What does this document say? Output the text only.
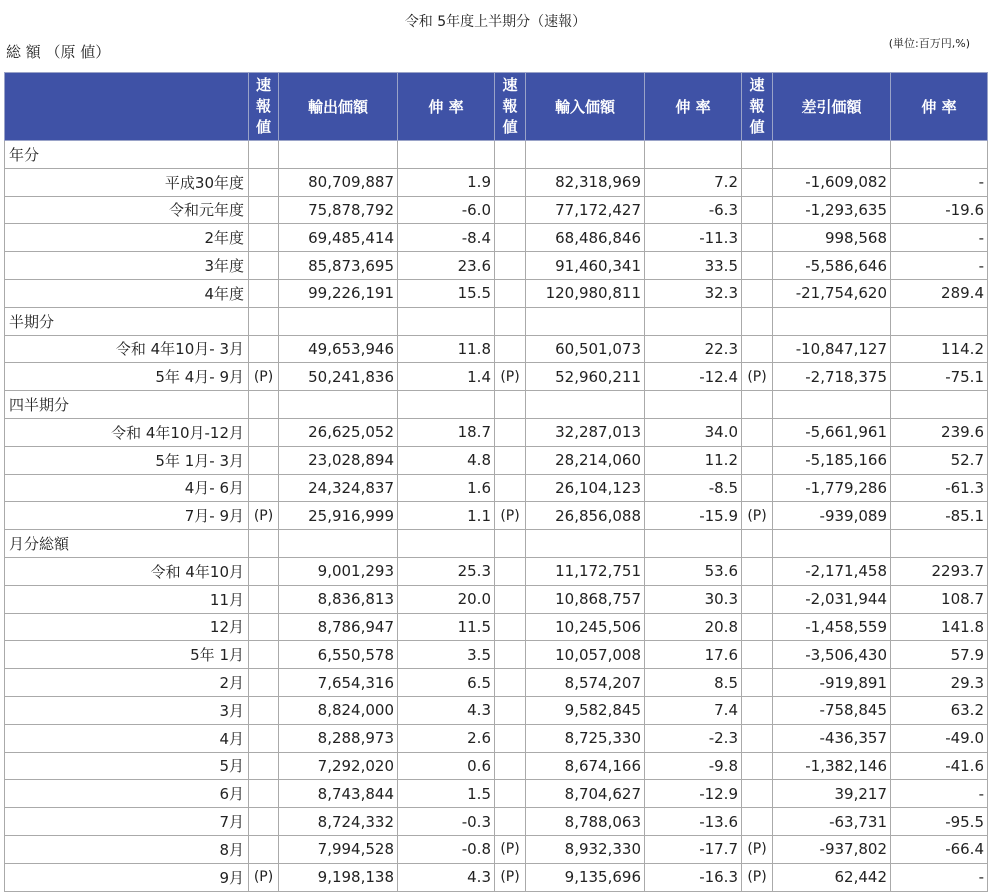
令和 5年度上半期分（速報）
総 額 （原 値）	(単位:百万円,%)
	速報値	輸出価額	伸 率	速報値	輸入価額	伸 率	速報値	差引価額	伸 率
年分									
平成30年度		80,709,887	1.9		82,318,969	7.2		-1,609,082	-
令和元年度		75,878,792	-6.0		77,172,427	-6.3		-1,293,635	-19.6
2年度		69,485,414	-8.4		68,486,846	-11.3		998,568	-
3年度		85,873,695	23.6		91,460,341	33.5		-5,586,646	-
4年度		99,226,191	15.5		120,980,811	32.3		-21,754,620	289.4
半期分									
令和 4年10月- 3月		49,653,946	11.8		60,501,073	22.3		-10,847,127	114.2
5年 4月- 9月	(P)	50,241,836	1.4	(P)	52,960,211	-12.4	(P)	-2,718,375	-75.1
四半期分									
令和 4年10月-12月		26,625,052	18.7		32,287,013	34.0		-5,661,961	239.6
5年 1月- 3月		23,028,894	4.8		28,214,060	11.2		-5,185,166	52.7
4月- 6月		24,324,837	1.6		26,104,123	-8.5		-1,779,286	-61.3
7月- 9月	(P)	25,916,999	1.1	(P)	26,856,088	-15.9	(P)	-939,089	-85.1
月分総額									
令和 4年10月		9,001,293	25.3		11,172,751	53.6		-2,171,458	2293.7
11月		8,836,813	20.0		10,868,757	30.3		-2,031,944	108.7
12月		8,786,947	11.5		10,245,506	20.8		-1,458,559	141.8
5年 1月		6,550,578	3.5		10,057,008	17.6		-3,506,430	57.9
2月		7,654,316	6.5		8,574,207	8.5		-919,891	29.3
3月		8,824,000	4.3		9,582,845	7.4		-758,845	63.2
4月		8,288,973	2.6		8,725,330	-2.3		-436,357	-49.0
5月		7,292,020	0.6		8,674,166	-9.8		-1,382,146	-41.6
6月		8,743,844	1.5		8,704,627	-12.9		39,217	-
7月		8,724,332	-0.3		8,788,063	-13.6		-63,731	-95.5
8月		7,994,528	-0.8	(P)	8,932,330	-17.7	(P)	-937,802	-66.4
9月	(P)	9,198,138	4.3	(P)	9,135,696	-16.3	(P)	62,442	-
